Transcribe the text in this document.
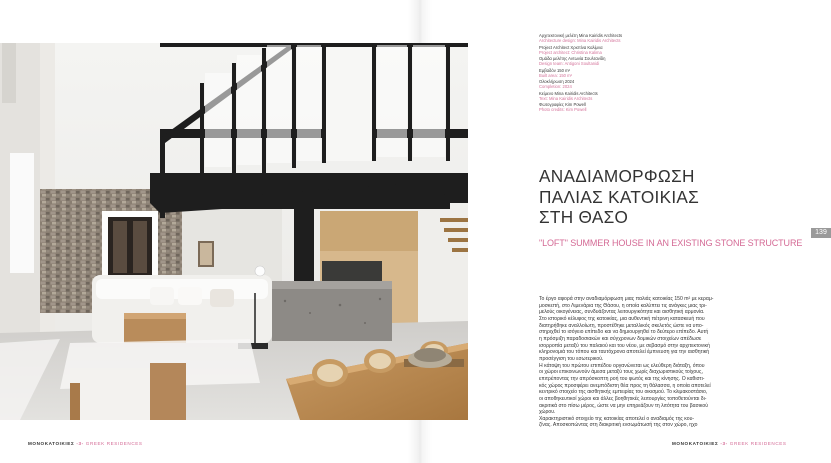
139
Αρχιτεκτονική μελέτη Mina Kairidis Architects
Architecture design: Mina Kairidis Architects
Project Architect Χριστίνα Καλίμνα
Project architect: Christina Kalima
Ομάδα μελέτης Αντωνία Σουλτανίδη
Design team: Antigoni Soultanidi
Εμβαδόν 150 m²
Built area: 150 m²
Ολοκλήρωση 2024
Completion: 2024
Κείμενο Mina Kairidis Architects
Text: Mina Kairidis Architects
Φωτογραφίες Kim Powell
Photo credits: Kim Powell
ΑΝΑΔΙΑΜΟΡΦΩΣΗ
ΠΑΛΙΑΣ ΚΑΤΟΙΚΙΑΣ
ΣΤΗ ΘΑΣΟ
"LOFT" SUMMER HOUSE IN AN EXISTING STONE STRUCTURE
Το έργο αφορά στην αναδιαμόρφωση μιας παλιάς κατοικίας 150 m² με κεραμ-
μοσκεπή, στο Λιμενάρια της Θάσου, η οποία καλύπτει τις ανάγκες μιας τρι-
μελούς οικογένειας, συνδυάζοντας λειτουργικότητα και αισθητική αρμονία.
Στο ιστορικό κέλυφος της κατοικίας, μια αυθεντική πέτρινη κατασκευή που
διατηρήθηκε αναλλοίωτη, προστέθηκε μεταλλικός σκελετός ώστε να υπο-
στηριχθεί το ισόγειο επίπεδο και να δημιουργηθεί το δεύτερο επίπεδο. Αυτή
η πρόσμιξη παραδοσιακών και σύγχρονων δομικών στοιχείων απέδωσε
ισορροπία μεταξύ του παλαιού και του νέου, με σεβασμό στην αρχιτεκτονική
κληρονομιά του τόπου και ταυτόχρονα αποτελεί έμπνευση για την αισθητική
προσέγγιση του εσωτερικού.
Η κάτοψη του πρώτου επιπέδου οργανώνεται ως ελεύθερη διάταξη, όπου
οι χώροι επικοινωνούν άμεσα μεταξύ τους χωρίς διαχωριστικούς τοίχους,
επιτρέποντας την απρόσκοπτη ροή του φωτός και της κίνησης. Ο καθιστι-
κός χώρος προσφέρει ανεμπόδιστη θέα προς τη θάλασσα, η οποία αποτελεί
κεντρικό στοιχείο της αισθητικής εμπειρίας του οικισμού. Το κλιμακοστάσιο,
οι αποθηκευτικοί χώροι και άλλες βοηθητικές λειτουργίες τοποθετούνται δι-
ακριτικά στο πίσω μέρος, ώστε να μην επηρεάζουν τη λιτότητα του βασικού
χώρου.
Χαρακτηριστικό στοιχείο της κατοικίας αποτελεί ο αναδιαμός της κου-
ζίνας. Αποσκοπώντας στη διακριτική ενσωμάτωσή της στον χώρο, ηχο
ΜΟΝΟΚΑΤΟΙΚΙΕΣ -3- GREEK RESIDENCES	ΜΟΝΟΚΑΤΟΙΚΙΕΣ -3- GREEK RESIDENCES
